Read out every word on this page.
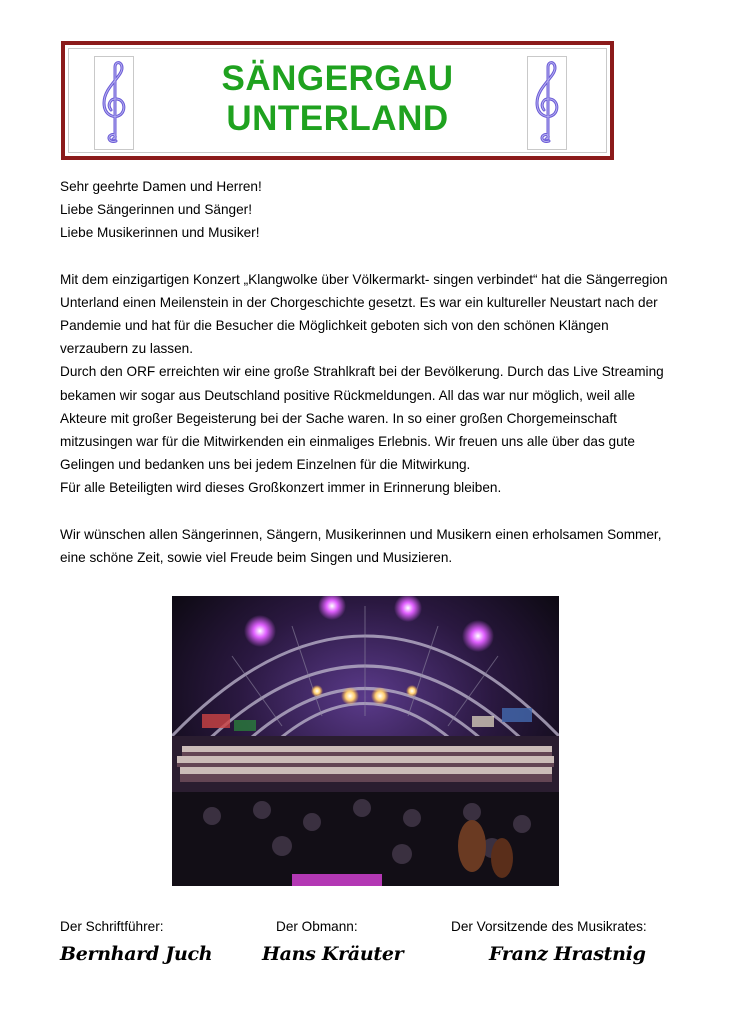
SÄNGERGAU
UNTERLAND

Sehr geehrte Damen und Herren!

Liebe Sängerinnen und Sänger!

Liebe Musikerinnen und Musiker!

Mit dem einzigartigen Konzert „Klangwolke über Völkermarkt- singen verbindet“ hat die Sängerregion

Unterland einen Meilenstein in der Chorgeschichte gesetzt. Es war ein kultureller Neustart nach der

Pandemie und hat für die Besucher die Möglichkeit geboten sich von den schönen Klängen

verzaubern zu lassen.

Durch den ORF erreichten wir eine große Strahlkraft bei der Bevölkerung. Durch das Live Streaming

bekamen wir sogar aus Deutschland positive Rückmeldungen. All das war nur möglich, weil alle

Akteure mit großer Begeisterung bei der Sache waren. In so einer großen Chorgemeinschaft

mitzusingen war für die Mitwirkenden ein einmaliges Erlebnis. Wir freuen uns alle über das gute

Gelingen und bedanken uns bei jedem Einzelnen für die Mitwirkung.

Für alle Beteiligten wird dieses Großkonzert immer in Erinnerung bleiben.

Wir wünschen allen Sängerinnen, Sängern, Musikerinnen und Musikern einen erholsamen Sommer,

eine schöne Zeit, sowie viel Freude beim Singen und Musizieren.

Der Schriftführer:	Der Obmann:	Der Vorsitzende des Musikrates:
Bernhard Juch	Hans Kräuter	Franz Hrastnig
